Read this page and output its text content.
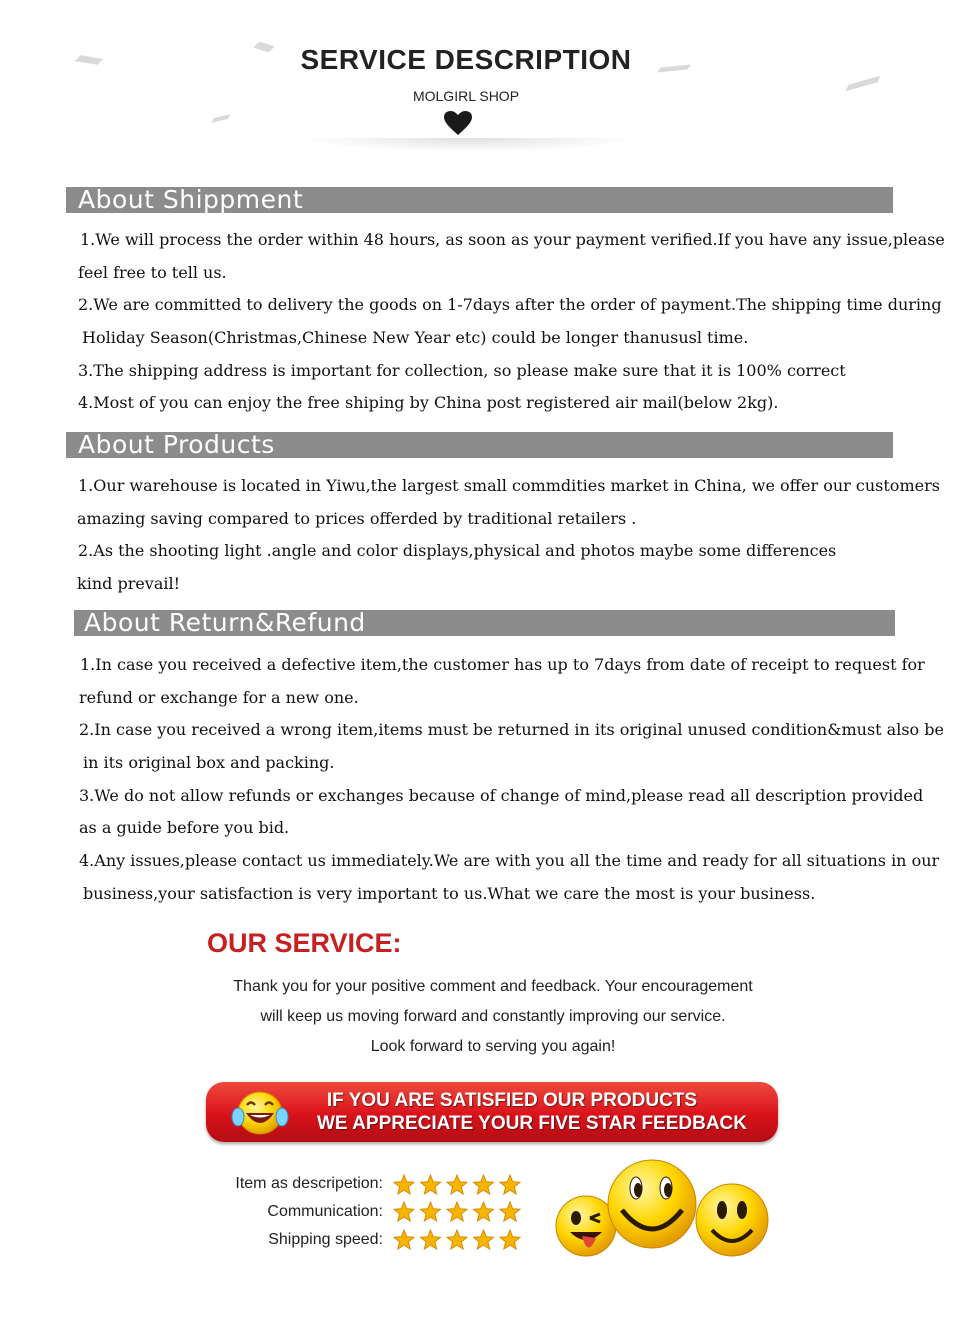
SERVICE DESCRIPTION
MOLGIRL SHOP
About Shippment
1.We will process the order within 48 hours, as soon as your payment verified.If you have any issue,please
feel free to tell us.
2.We are committed to delivery the goods on 1-7days after the order of payment.The shipping time during
Holiday Season(Christmas,Chinese New Year etc) could be longer thanususl time.
3.The shipping address is important for collection, so please make sure that it is 100% correct
4.Most of you can enjoy the free shiping by China post registered air mail(below 2kg).
About Products
1.Our warehouse is located in Yiwu,the largest small commdities market in China, we offer our customers
amazing saving compared to prices offerded by traditional retailers .
2.As the shooting light .angle and color displays,physical and photos maybe some differences
kind prevail!
About Return&Refund
1.In case you received a defective item,the customer has up to 7days from date of receipt to request for
refund or exchange for a new one.
2.In case you received a wrong item,items must be returned in its original unused condition&must also be
in its original box and packing.
3.We do not allow refunds or exchanges because of change of mind,please read all description provided
as a guide before you bid.
4.Any issues,please contact us immediately.We are with you all the time and ready for all situations in our
business,your satisfaction is very important to us.What we care the most is your business.
OUR SERVICE:
Thank you for your positive comment and feedback. Your encouragement
will keep us moving forward and constantly improving our service.
Look forward to serving you again!
IF YOU ARE SATISFIED OUR PRODUCTS
WE APPRECIATE YOUR FIVE STAR FEEDBACK
Item as descripetion:
Communication:
Shipping speed:
